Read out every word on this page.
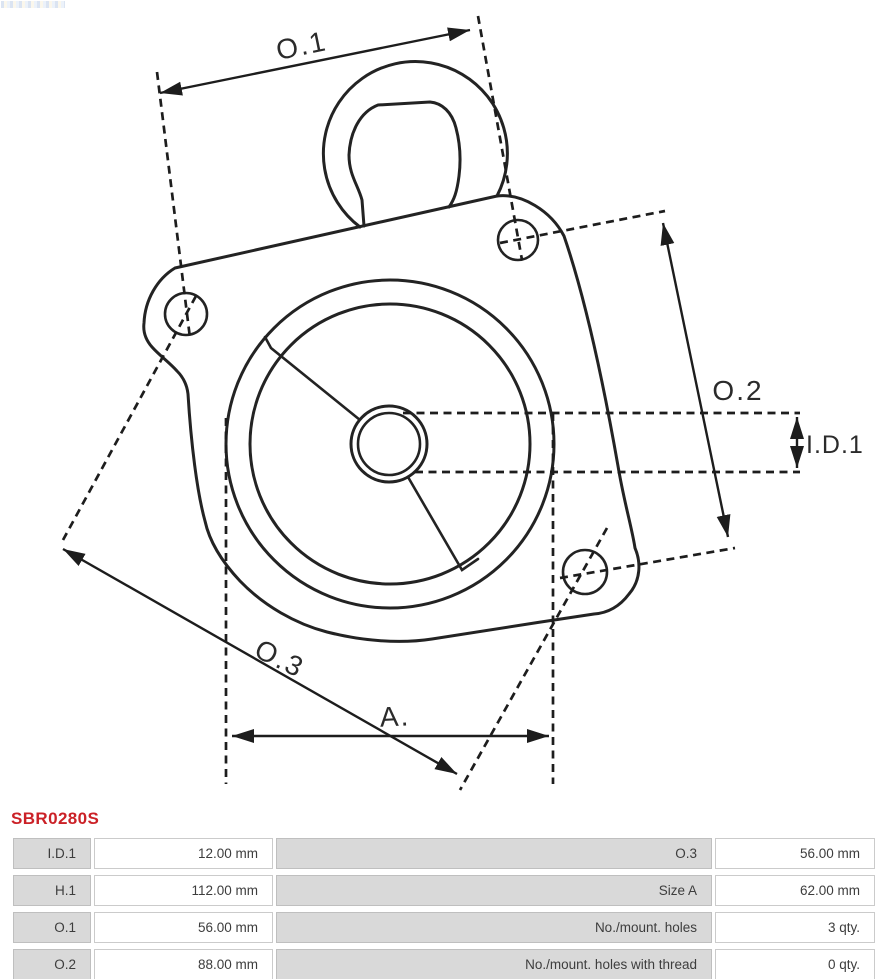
O.1
O.2
O.3
A.
I.D.1
SBR0280S
I.D.1	12.00 mm	O.3	56.00 mm
H.1	112.00 mm	Size A	62.00 mm
O.1	56.00 mm	No./mount. holes	3 qty.
O.2	88.00 mm	No./mount. holes with thread	0 qty.
